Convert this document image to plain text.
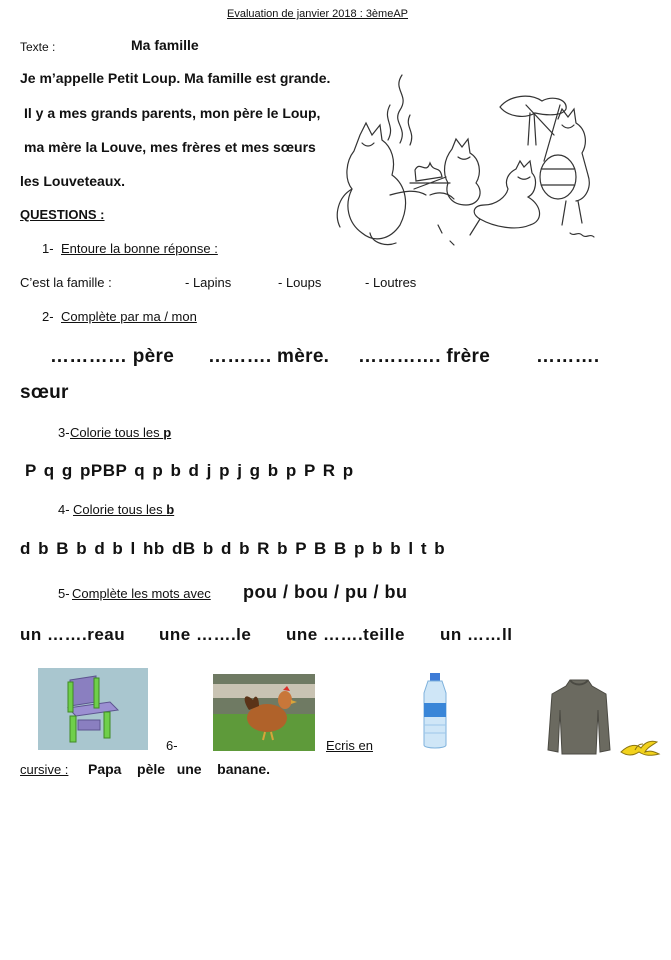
Evaluation de janvier 2018 : 3èmeAP
Texte :	Ma famille
Je m’appelle Petit Loup. Ma famille est grande.
Il y a mes grands parents, mon père le Loup,
ma mère la Louve, mes frères et mes sœurs
les Louveteaux.
QUESTIONS :
1- Entoure la bonne réponse :
C’est la famille :	- Lapins	- Loups	- Loutres
2- Complète par ma / mon
………… père ………. mère. …………. frère ……….
sœur
3- Colorie tous les p
P q g pPBP q p b d j p j g b p P R p
4- Colorie tous les b
d b B b d b l hb dB b d b R b P B B p b b l t b
5- Complète les mots avec pou / bou / pu / bu
un …….reau une …….le une …….teille un ……ll
6-	Ecris en
cursive : Papa    pèle   une    banane.
